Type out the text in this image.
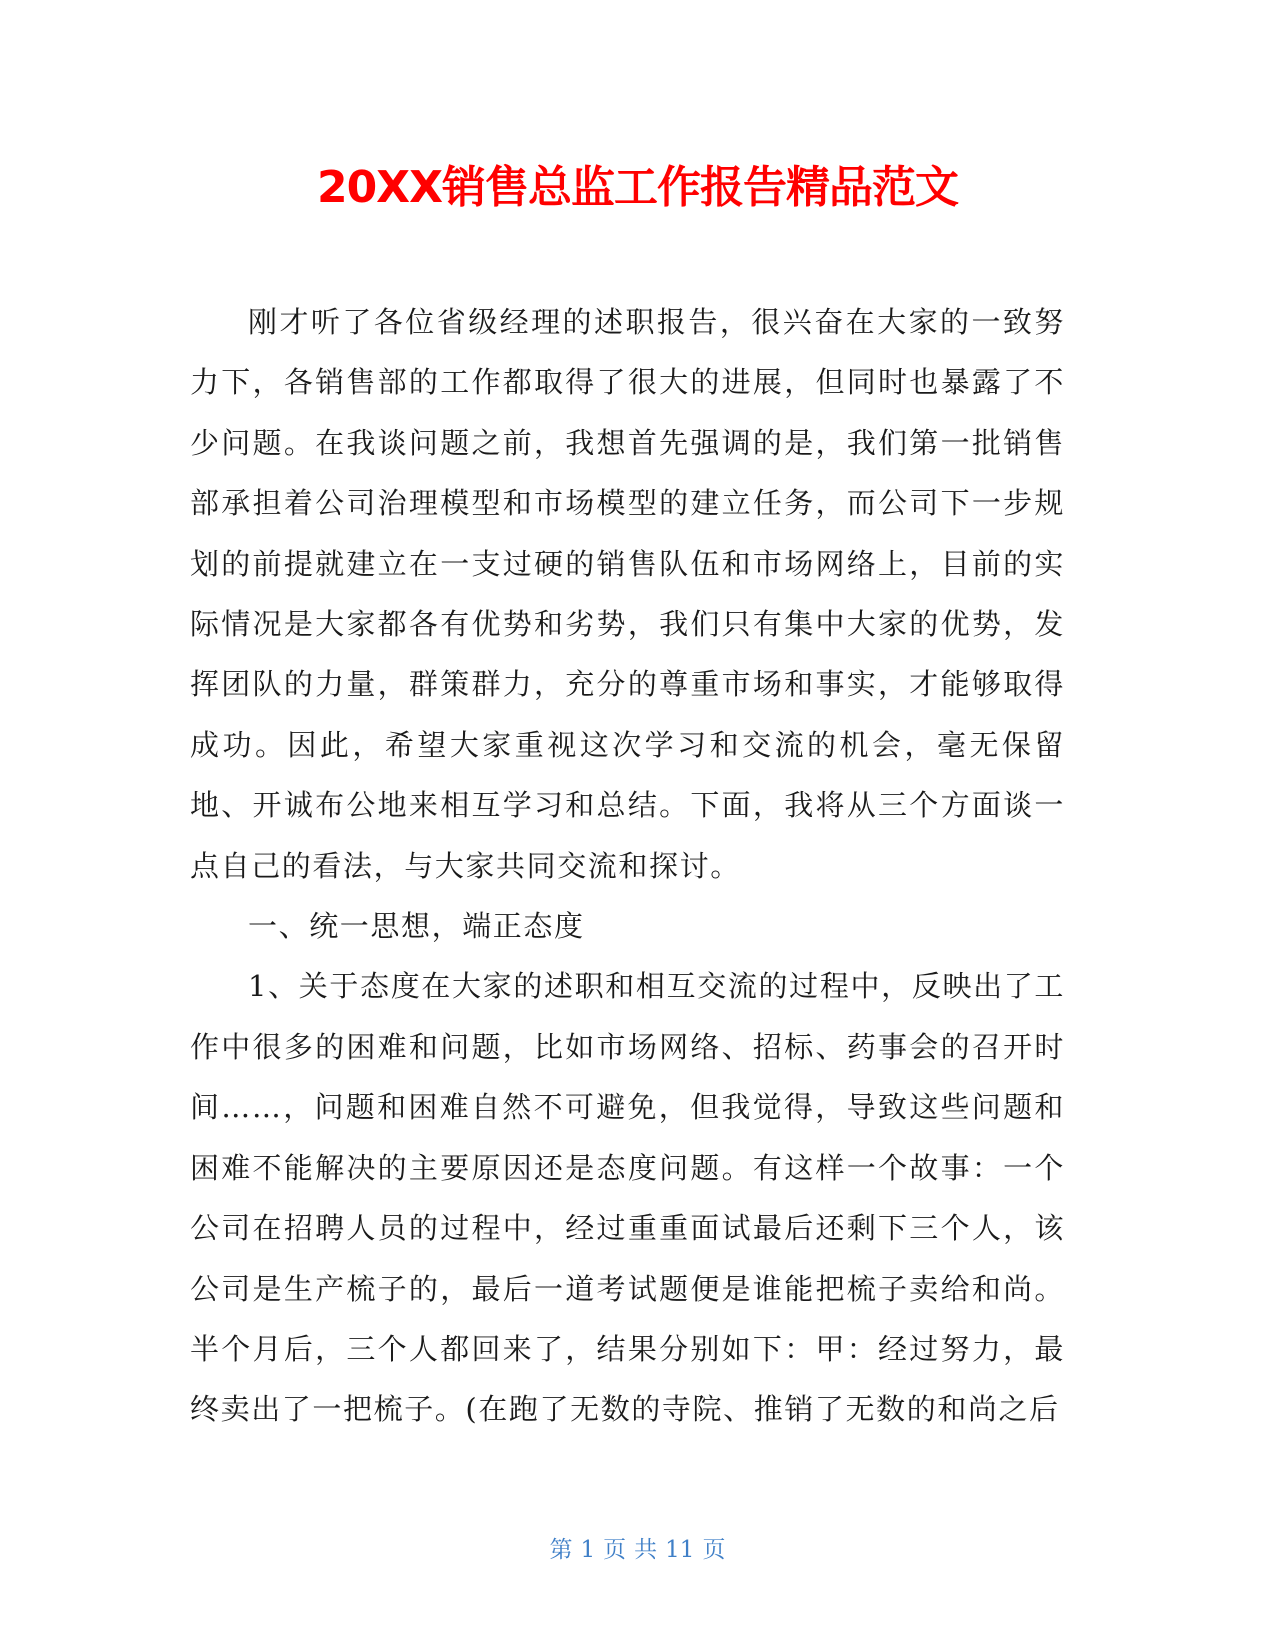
20XX销售总监工作报告精品范文

刚才听了各位省级经理的述职报告，很兴奋在大家的一致努力下，各销售部的工作都取得了很大的进展，但同时也暴露了不少问题。在我谈问题之前，我想首先强调的是，我们第一批销售部承担着公司治理模型和市场模型的建立任务，而公司下一步规划的前提就建立在一支过硬的销售队伍和市场网络上，目前的实际情况是大家都各有优势和劣势，我们只有集中大家的优势，发挥团队的力量，群策群力，充分的尊重市场和事实，才能够取得成功。因此，希望大家重视这次学习和交流的机会，毫无保留地、开诚布公地来相互学习和总结。下面，我将从三个方面谈一点自己的看法，与大家共同交流和探讨。

一、统一思想，端正态度

1、关于态度在大家的述职和相互交流的过程中，反映出了工作中很多的困难和问题，比如市场网络、招标、药事会的召开时间……，问题和困难自然不可避免，但我觉得，导致这些问题和困难不能解决的主要原因还是态度问题。有这样一个故事：一个公司在招聘人员的过程中，经过重重面试最后还剩下三个人，该公司是生产梳子的，最后一道考试题便是谁能把梳子卖给和尚。半个月后，三个人都回来了，结果分别如下：甲：经过努力，最终卖出了一把梳子。(在跑了无数的寺院、推销了无数的和尚之后

第 1 页 共 11 页
